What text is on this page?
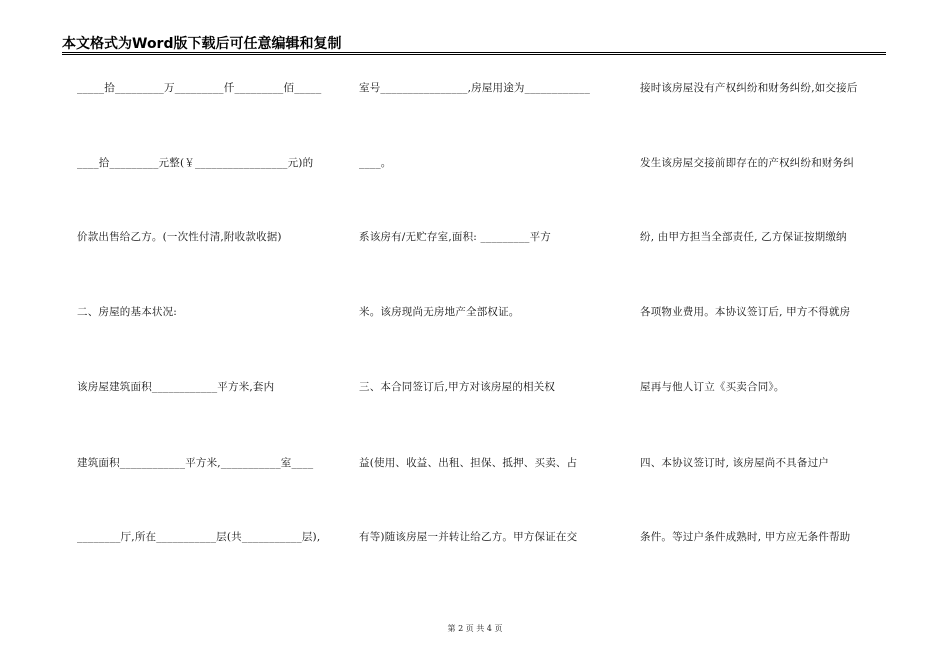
本文格式为Word版下载后可任意编辑和复制
_____拾_________万_________仟_________佰_____
____拾_________元整(￥_________________元)的
价款出售给乙方。(一次性付清,附收款收据)
二、房屋的基本状况:
该房屋建筑面积____________平方米,套内
建筑面积____________平方米,___________室____
________厅,所在___________层(共___________层),
室号________________,房屋用途为____________
____。
系该房有/无贮存室,面积: _________平方
米。该房现尚无房地产全部权证。
三、本合同签订后,甲方对该房屋的相关权
益(使用、收益、出租、担保、抵押、买卖、占
有等)随该房屋一并转让给乙方。甲方保证在交
接时该房屋没有产权纠纷和财务纠纷,如交接后
发生该房屋交接前即存在的产权纠纷和财务纠
纷, 由甲方担当全部责任, 乙方保证按期缴纳
各项物业费用。本协议签订后, 甲方不得就房
屋再与他人订立《买卖合同》。
四、本协议签订时, 该房屋尚不具备过户
条件。等过户条件成熟时, 甲方应无条件帮助
第 2 页 共 4 页
